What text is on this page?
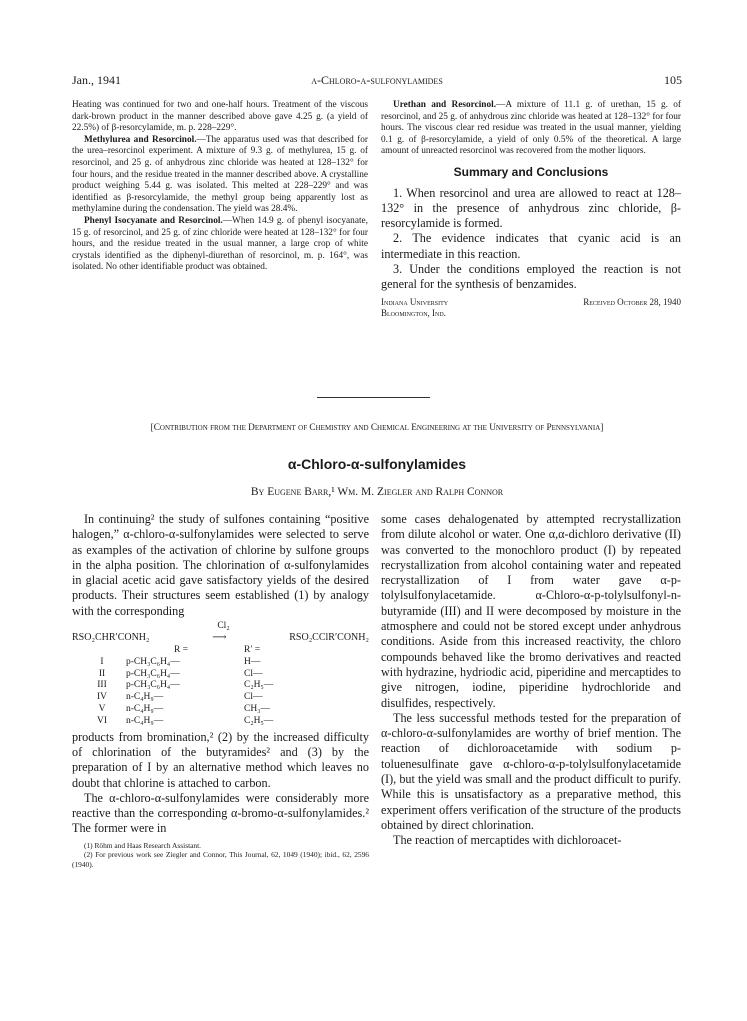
Jan., 1941	α-Chloro-α-sulfonylamides	105

Heating was continued for two and one-half hours. Treatment of the viscous dark-brown product in the manner described above gave 4.25 g. (a yield of 22.5%) of β-resorcylamide, m. p. 228–229°.

Methylurea and Resorcinol.—The apparatus used was that described for the urea–resorcinol experiment. A mixture of 9.3 g. of methylurea, 15 g. of resorcinol, and 25 g. of anhydrous zinc chloride was heated at 128–132° for four hours, and the residue treated in the manner described above. A crystalline product weighing 5.44 g. was isolated. This melted at 228–229° and was identified as β-resorcylamide, the methyl group being apparently lost as methylamine during the condensation. The yield was 28.4%.

Phenyl Isocyanate and Resorcinol.—When 14.9 g. of phenyl isocyanate, 15 g. of resorcinol, and 25 g. of zinc chloride were heated at 128–132° for four hours, and the residue treated in the usual manner, a large crop of white crystals identified as the diphenyl-diurethan of resorcinol, m. p. 164°, was isolated. No other identifiable product was obtained.

Urethan and Resorcinol.—A mixture of 11.1 g. of urethan, 15 g. of resorcinol, and 25 g. of anhydrous zinc chloride was heated at 128–132° for four hours. The viscous clear red residue was treated in the usual manner, yielding 0.1 g. of β-resorcylamide, a yield of only 0.5% of the theoretical. A large amount of unreacted resorcinol was recovered from the mother liquors.

Summary and Conclusions

1. When resorcinol and urea are allowed to react at 128–132° in the presence of anhydrous zinc chloride, β-resorcylamide is formed.

2. The evidence indicates that cyanic acid is an intermediate in this reaction.

3. Under the conditions employed the reaction is not general for the synthesis of benzamides.

Indiana University
Bloomington, Ind.
Received October 28, 1940
[Contribution from the Department of Chemistry and Chemical Engineering at the University of Pennsylvania]
α-Chloro-α-sulfonylamides
By Eugene Barr,¹ Wm. M. Ziegler and Ralph Connor

In continuing² the study of sulfones containing “positive halogen,” α-chloro-α-sulfonylamides were selected to serve as examples of the activation of chlorine by sulfone groups in the alpha position. The chlorination of α-sulfonylamides in glacial acetic acid gave satisfactory yields of the desired products. Their structures seem established (1) by analogy with the corresponding

Cl₂
RSO₂CHR′CONH₂	⟶	RSO₂CClR′CONH₂
	R =	R′ =
I	p-CH₃C₆H₄—	H—
II	p-CH₃C₆H₄—	Cl—
III	p-CH₃C₆H₄—	C₂H₅—
IV	n-C₄H₉—	Cl—
V	n-C₄H₉—	CH₃—
VI	n-C₄H₉—	C₂H₅—

products from bromination,² (2) by the increased difficulty of chlorination of the butyramides² and (3) by the preparation of I by an alternative method which leaves no doubt that chlorine is attached to carbon.

The α-chloro-α-sulfonylamides were considerably more reactive than the corresponding α-bromo-α-sulfonylamides.² The former were in

(1) Röhm and Haas Research Assistant.
(2) For previous work see Ziegler and Connor, This Journal, 62, 1049 (1940); ibid., 62, 2596 (1940).

some cases dehalogenated by attempted recrystallization from dilute alcohol or water. One α,α-dichloro derivative (II) was converted to the monochloro product (I) by repeated recrystallization from alcohol containing water and repeated recrystallization of I from water gave α-p-tolylsulfonylacetamide. α-Chloro-α-p-tolylsulfonyl-n-butyramide (III) and II were decomposed by moisture in the atmosphere and could not be stored except under anhydrous conditions. Aside from this increased reactivity, the chloro compounds behaved like the bromo derivatives and reacted with hydrazine, hydriodic acid, piperidine and mercaptides to give nitrogen, iodine, piperidine hydrochloride and disulfides, respectively.

The less successful methods tested for the preparation of α-chloro-α-sulfonylamides are worthy of brief mention. The reaction of dichloroacetamide with sodium p-toluenesulfinate gave α-chloro-α-p-tolylsulfonylacetamide (I), but the yield was small and the product difficult to purify. While this is unsatisfactory as a preparative method, this experiment offers verification of the structure of the products obtained by direct chlorination.

The reaction of mercaptides with dichloroacet-
